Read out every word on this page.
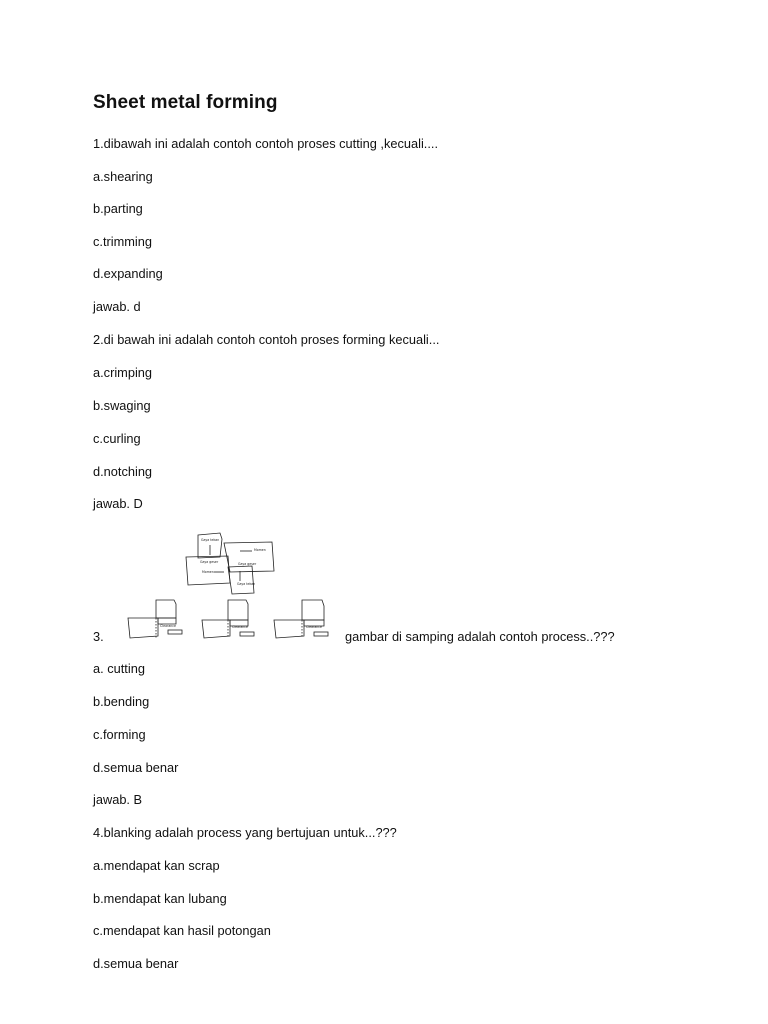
Sheet metal forming
1.dibawah ini adalah contoh contoh proses cutting ,kecuali....
a.shearing
b.parting
c.trimming
d.expanding
jawab. d
2.di bawah ini adalah contoh contoh proses forming kecuali...
a.crimping
b.swaging
c.curling
d.notching
jawab. D
Gaya tekan
Momen
Gaya geser	Gaya geser
Momen
Gaya tekan
3.
Clearance	Clearance	Clearance
gambar di samping adalah contoh process..???
a. cutting
b.bending
c.forming
d.semua benar
jawab. B
4.blanking adalah process yang bertujuan untuk...???
a.mendapat kan scrap
b.mendapat kan lubang
c.mendapat kan hasil potongan
d.semua benar
